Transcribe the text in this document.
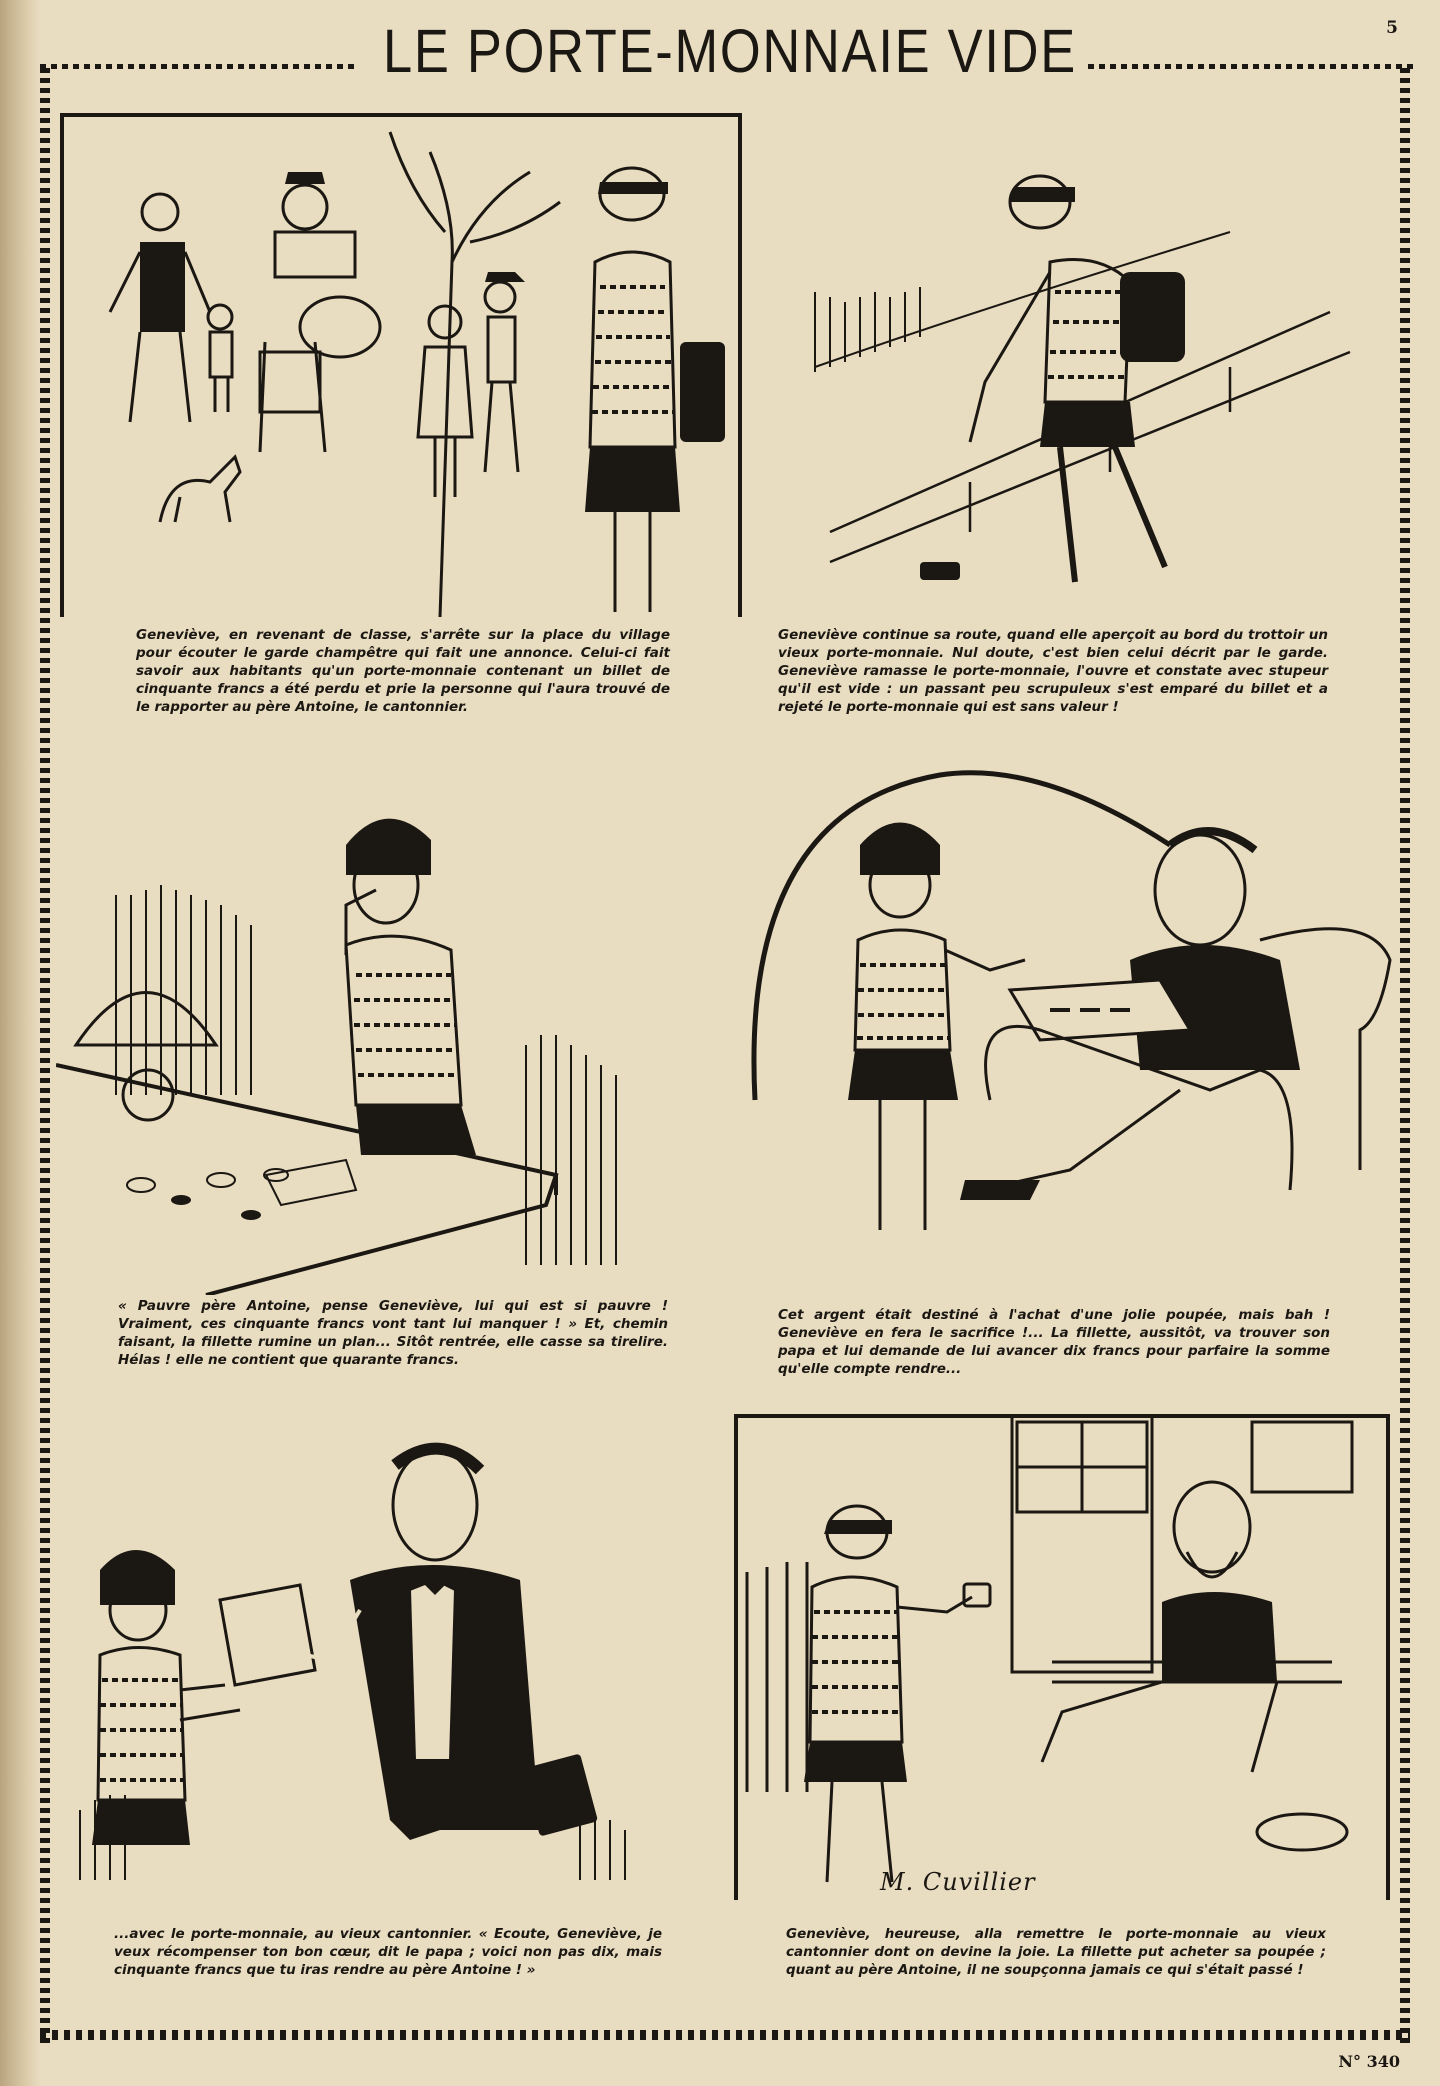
LE PORTE-MONNAIE VIDE	5

Geneviève, en revenant de classe, s'arrête sur la place du village pour écouter le garde champêtre qui fait une annonce. Celui-ci fait savoir aux habitants qu'un porte-monnaie contenant un billet de cinquante francs a été perdu et prie la personne qui l'aura trouvé de le rapporter au père Antoine, le cantonnier.

Geneviève continue sa route, quand elle aperçoit au bord du trottoir un vieux porte-monnaie. Nul doute, c'est bien celui décrit par le garde. Geneviève ramasse le porte-monnaie, l'ouvre et constate avec stupeur qu'il est vide : un passant peu scrupuleux s'est emparé du billet et a rejeté le porte-monnaie qui est sans valeur !

« Pauvre père Antoine, pense Geneviève, lui qui est si pauvre ! Vraiment, ces cinquante francs vont tant lui manquer ! » Et, chemin faisant, la fillette rumine un plan... Sitôt rentrée, elle casse sa tirelire. Hélas ! elle ne contient que quarante francs.

Cet argent était destiné à l'achat d'une jolie poupée, mais bah ! Geneviève en fera le sacrifice !... La fillette, aussitôt, va trouver son papa et lui demande de lui avancer dix francs pour parfaire la somme qu'elle compte rendre...

...avec le porte-monnaie, au vieux cantonnier. « Ecoute, Geneviève, je veux récompenser ton bon cœur, dit le papa ; voici non pas dix, mais cinquante francs que tu iras rendre au père Antoine ! »

M. Cuvillier

Geneviève, heureuse, alla remettre le porte-monnaie au vieux cantonnier dont on devine la joie. La fillette put acheter sa poupée ; quant au père Antoine, il ne soupçonna jamais ce qui s'était passé !

N° 340
